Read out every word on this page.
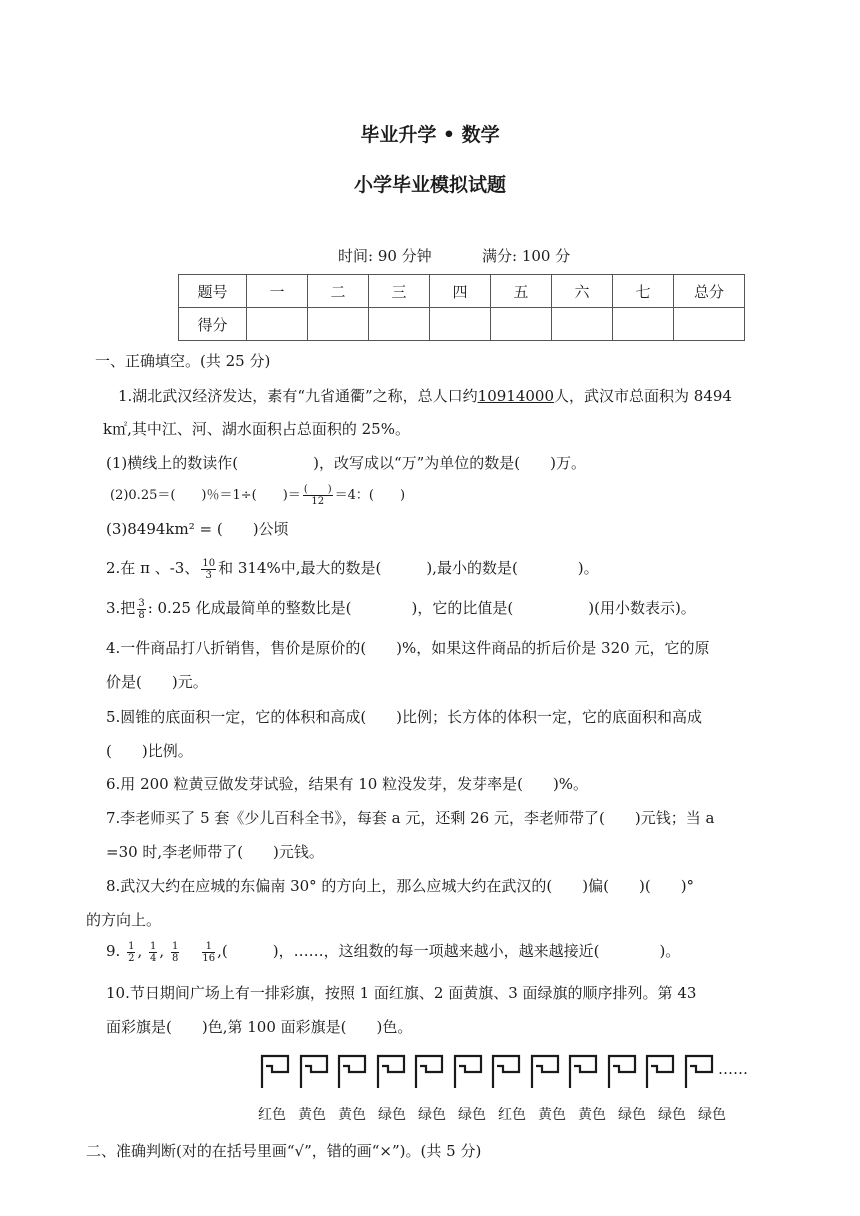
毕业升学 • 数学
小学毕业模拟试题
时间: 90 分钟	满分: 100 分
题号	一	二	三	四	五	六	七	总分
得分								
一、正确填空。(共 25 分)
1.湖北武汉经济发达，素有“九省通衢”之称，总人口约10914000人，武汉市总面积为 8494
k㎡,其中江、河、湖水面积占总面积的 25%。
(1)横线上的数读作(　　　　　)，改写成以“万”为单位的数是(　　)万。
(2)0.25＝(　　)％＝1÷(　　)＝ $\frac{( )}{12} =4$：(　　)
(3)8494km² = (　　)公顷
2.在 π 、-3、 $\frac{10}{3}$ 和 314%中,最大的数是(　　　),最小的数是(　　　　)。
3.把 $\frac{3}{8}$ : 0.25 化成最简单的整数比是(　　　　)，它的比值是(　　　　　)(用小数表示)。
4.一件商品打八折销售，售价是原价的(　　)%，如果这件商品的折后价是 320 元，它的原
价是(　　)元。
5.圆锥的底面积一定，它的体积和高成(　　)比例；长方体的体积一定，它的底面积和高成
(　　)比例。
6.用 200 粒黄豆做发芽试验，结果有 10 粒没发芽，发芽率是(　　)%。
7.李老师买了 5 套《少儿百科全书》，每套 a 元，还剩 26 元，李老师带了(　　)元钱；当 a
=30 时,李老师带了(　　)元钱。
8.武汉大约在应城的东偏南 30° 的方向上，那么应城大约在武汉的(　　)偏(　　)(　　)°
的方向上。
9. $\frac{1}{2}$ , $\frac{1}{4}$ , $\frac{1}{8}$
$\frac{1}{16}$ ,(　　　)，……，这组数的每一项越来越小，越来越接近(　　　　)。
10.节日期间广场上有一排彩旗，按照 1 面红旗、2 面黄旗、3 面绿旗的顺序排列。第 43
面彩旗是(　　)色,第 100 面彩旗是(　　)色。
……
红色 黄色 黄色 绿色 绿色 绿色 红色 黄色 黄色 绿色 绿色 绿色
二、准确判断(对的在括号里画“√”，错的画“×”)。(共 5 分)
